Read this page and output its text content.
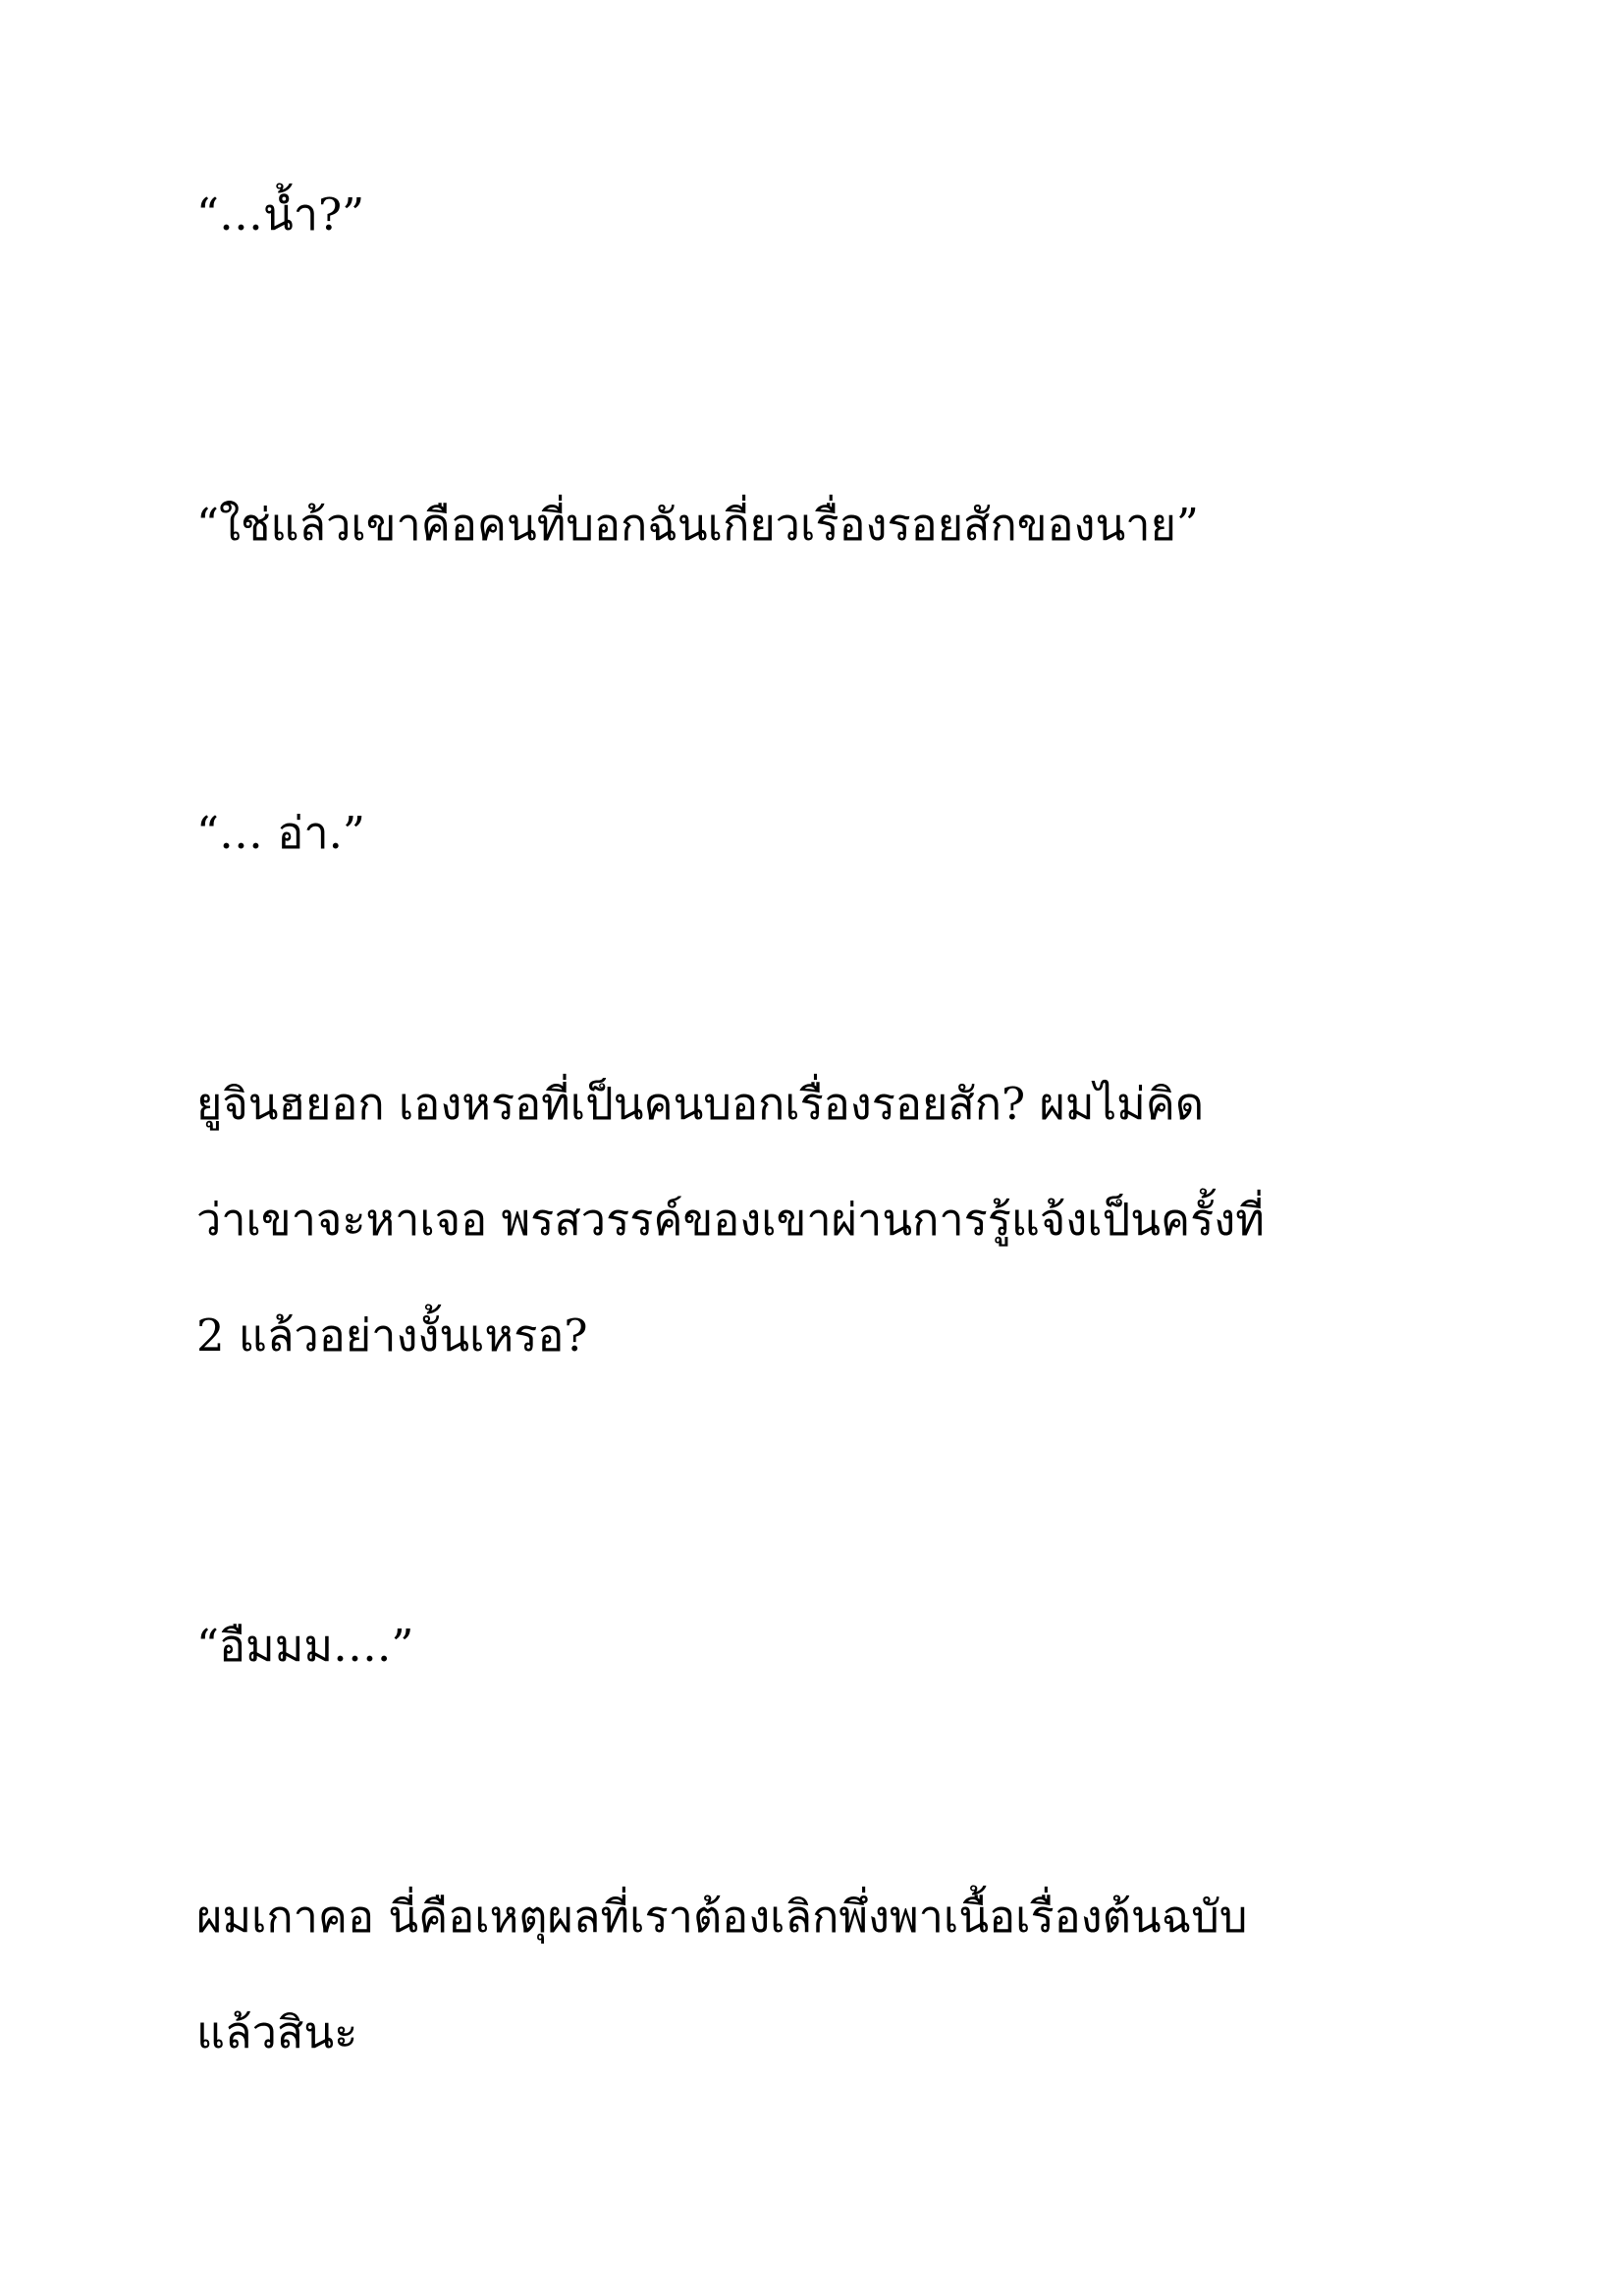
“…น้ำ?”

“ใช่แล้วเขาคือคนที่บอกฉันเกี่ยวเรื่องรอยสักของนาย”

“… อ่า.”

ยูจินฮยอก เองหรอที่เป็นคนบอกเรื่องรอยสัก? ผมไม่คิด
ว่าเขาจะหาเจอ พรสวรรค์ของเขาผ่านการรู้แจ้งเป็นครั้งที่
2 แล้วอย่างงั้นเหรอ?

“อืมมม….”

ผมเกาคอ นี่คือเหตุผลที่เราต้องเลิกพึ่งพาเนื้อเรื่องต้นฉบับ
แล้วสินะ
